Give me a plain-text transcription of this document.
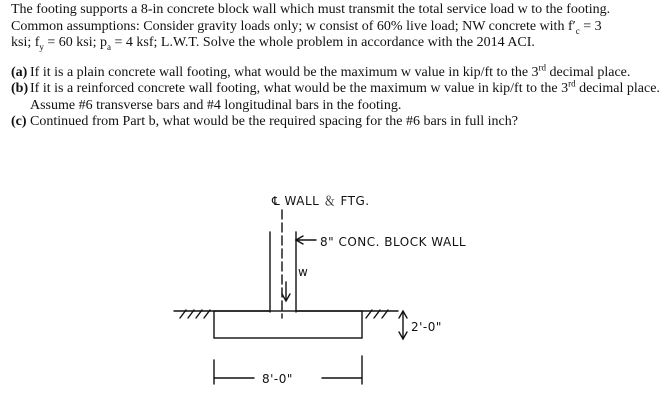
The footing supports a 8-in concrete block wall which must transmit the total service load w to the footing.

Common assumptions: Consider gravity loads only; w consist of 60% live load; NW concrete with $f'_c = 3$

ksi; $f_y = 60$ ksi; $p_a = 4$ ksf; L.W.T. Solve the whole problem in accordance with the 2014 ACI.

(a) If it is a plain concrete wall footing, what would be the maximum w value in kip/ft to the 3rd decimal place.

(b) If it is a reinforced concrete wall footing, what would be the maximum w value in kip/ft to the 3rd decimal place. Assume #6 transverse bars and #4 longitudinal bars in the footing.

(c) Continued from Part b, what would be the required spacing for the #6 bars in full inch?

℄ WALL ＆ FTG.
8" CONC. BLOCK WALL
w
2'-0"
8'-0"
